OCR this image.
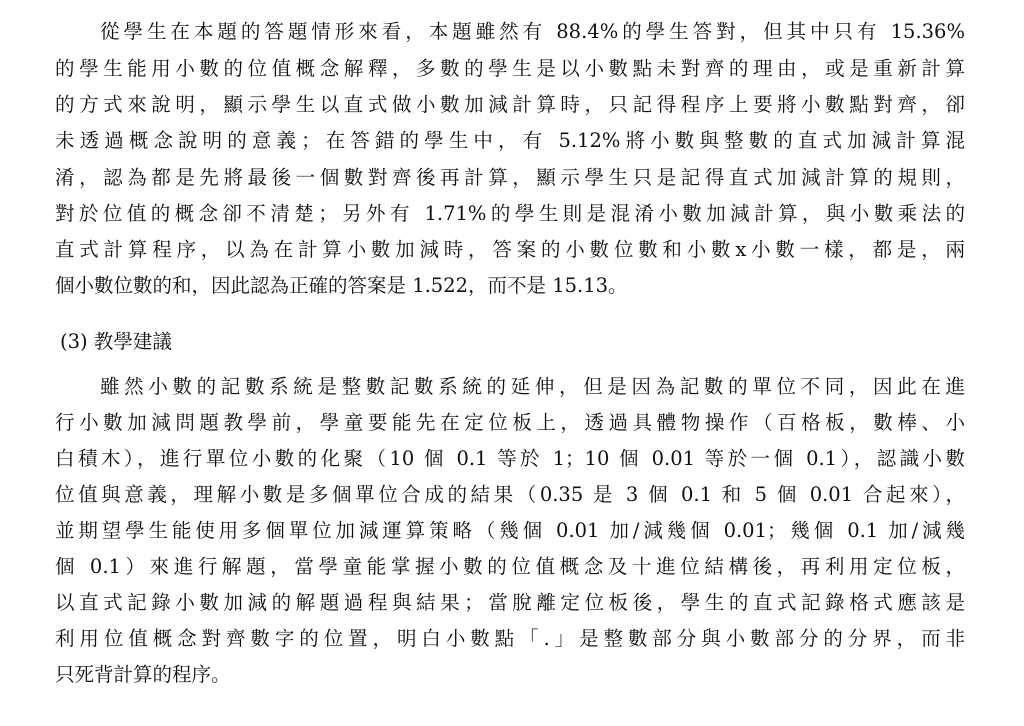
從學生在本題的答題情形來看，本題雖然有 88.4%的學生答對，但其中只有 15.36%
的學生能用小數的位值概念解釋，多數的學生是以小數點未對齊的理由，或是重新計算
的方式來說明，顯示學生以直式做小數加減計算時，只記得程序上要將小數點對齊，卻
未透過概念說明的意義；在答錯的學生中，有 5.12%將小數與整數的直式加減計算混
淆，認為都是先將最後一個數對齊後再計算，顯示學生只是記得直式加減計算的規則，
對於位值的概念卻不清楚；另外有 1.71%的學生則是混淆小數加減計算，與小數乘法的
直式計算程序，以為在計算小數加減時，答案的小數位數和小數x小數一樣，都是，兩
個小數位數的和，因此認為正確的答案是 1.522，而不是 15.13。
(3) 教學建議
雖然小數的記數系統是整數記數系統的延伸，但是因為記數的單位不同，因此在進
行小數加減問題教學前，學童要能先在定位板上，透過具體物操作（百格板，數棒、小
白積木），進行單位小數的化聚（10 個 0.1 等於 1；10 個 0.01 等於一個 0.1），認識小數
位值與意義，理解小數是多個單位合成的結果（0.35 是 3 個 0.1 和 5 個 0.01 合起來），
並期望學生能使用多個單位加減運算策略（幾個 0.01 加/減幾個 0.01；幾個 0.1 加/減幾
個 0.1）來進行解題，當學童能掌握小數的位值概念及十進位結構後，再利用定位板，
以直式記錄小數加減的解題過程與結果；當脫離定位板後，學生的直式記錄格式應該是
利用位值概念對齊數字的位置，明白小數點「.」是整數部分與小數部分的分界，而非
只死背計算的程序。
